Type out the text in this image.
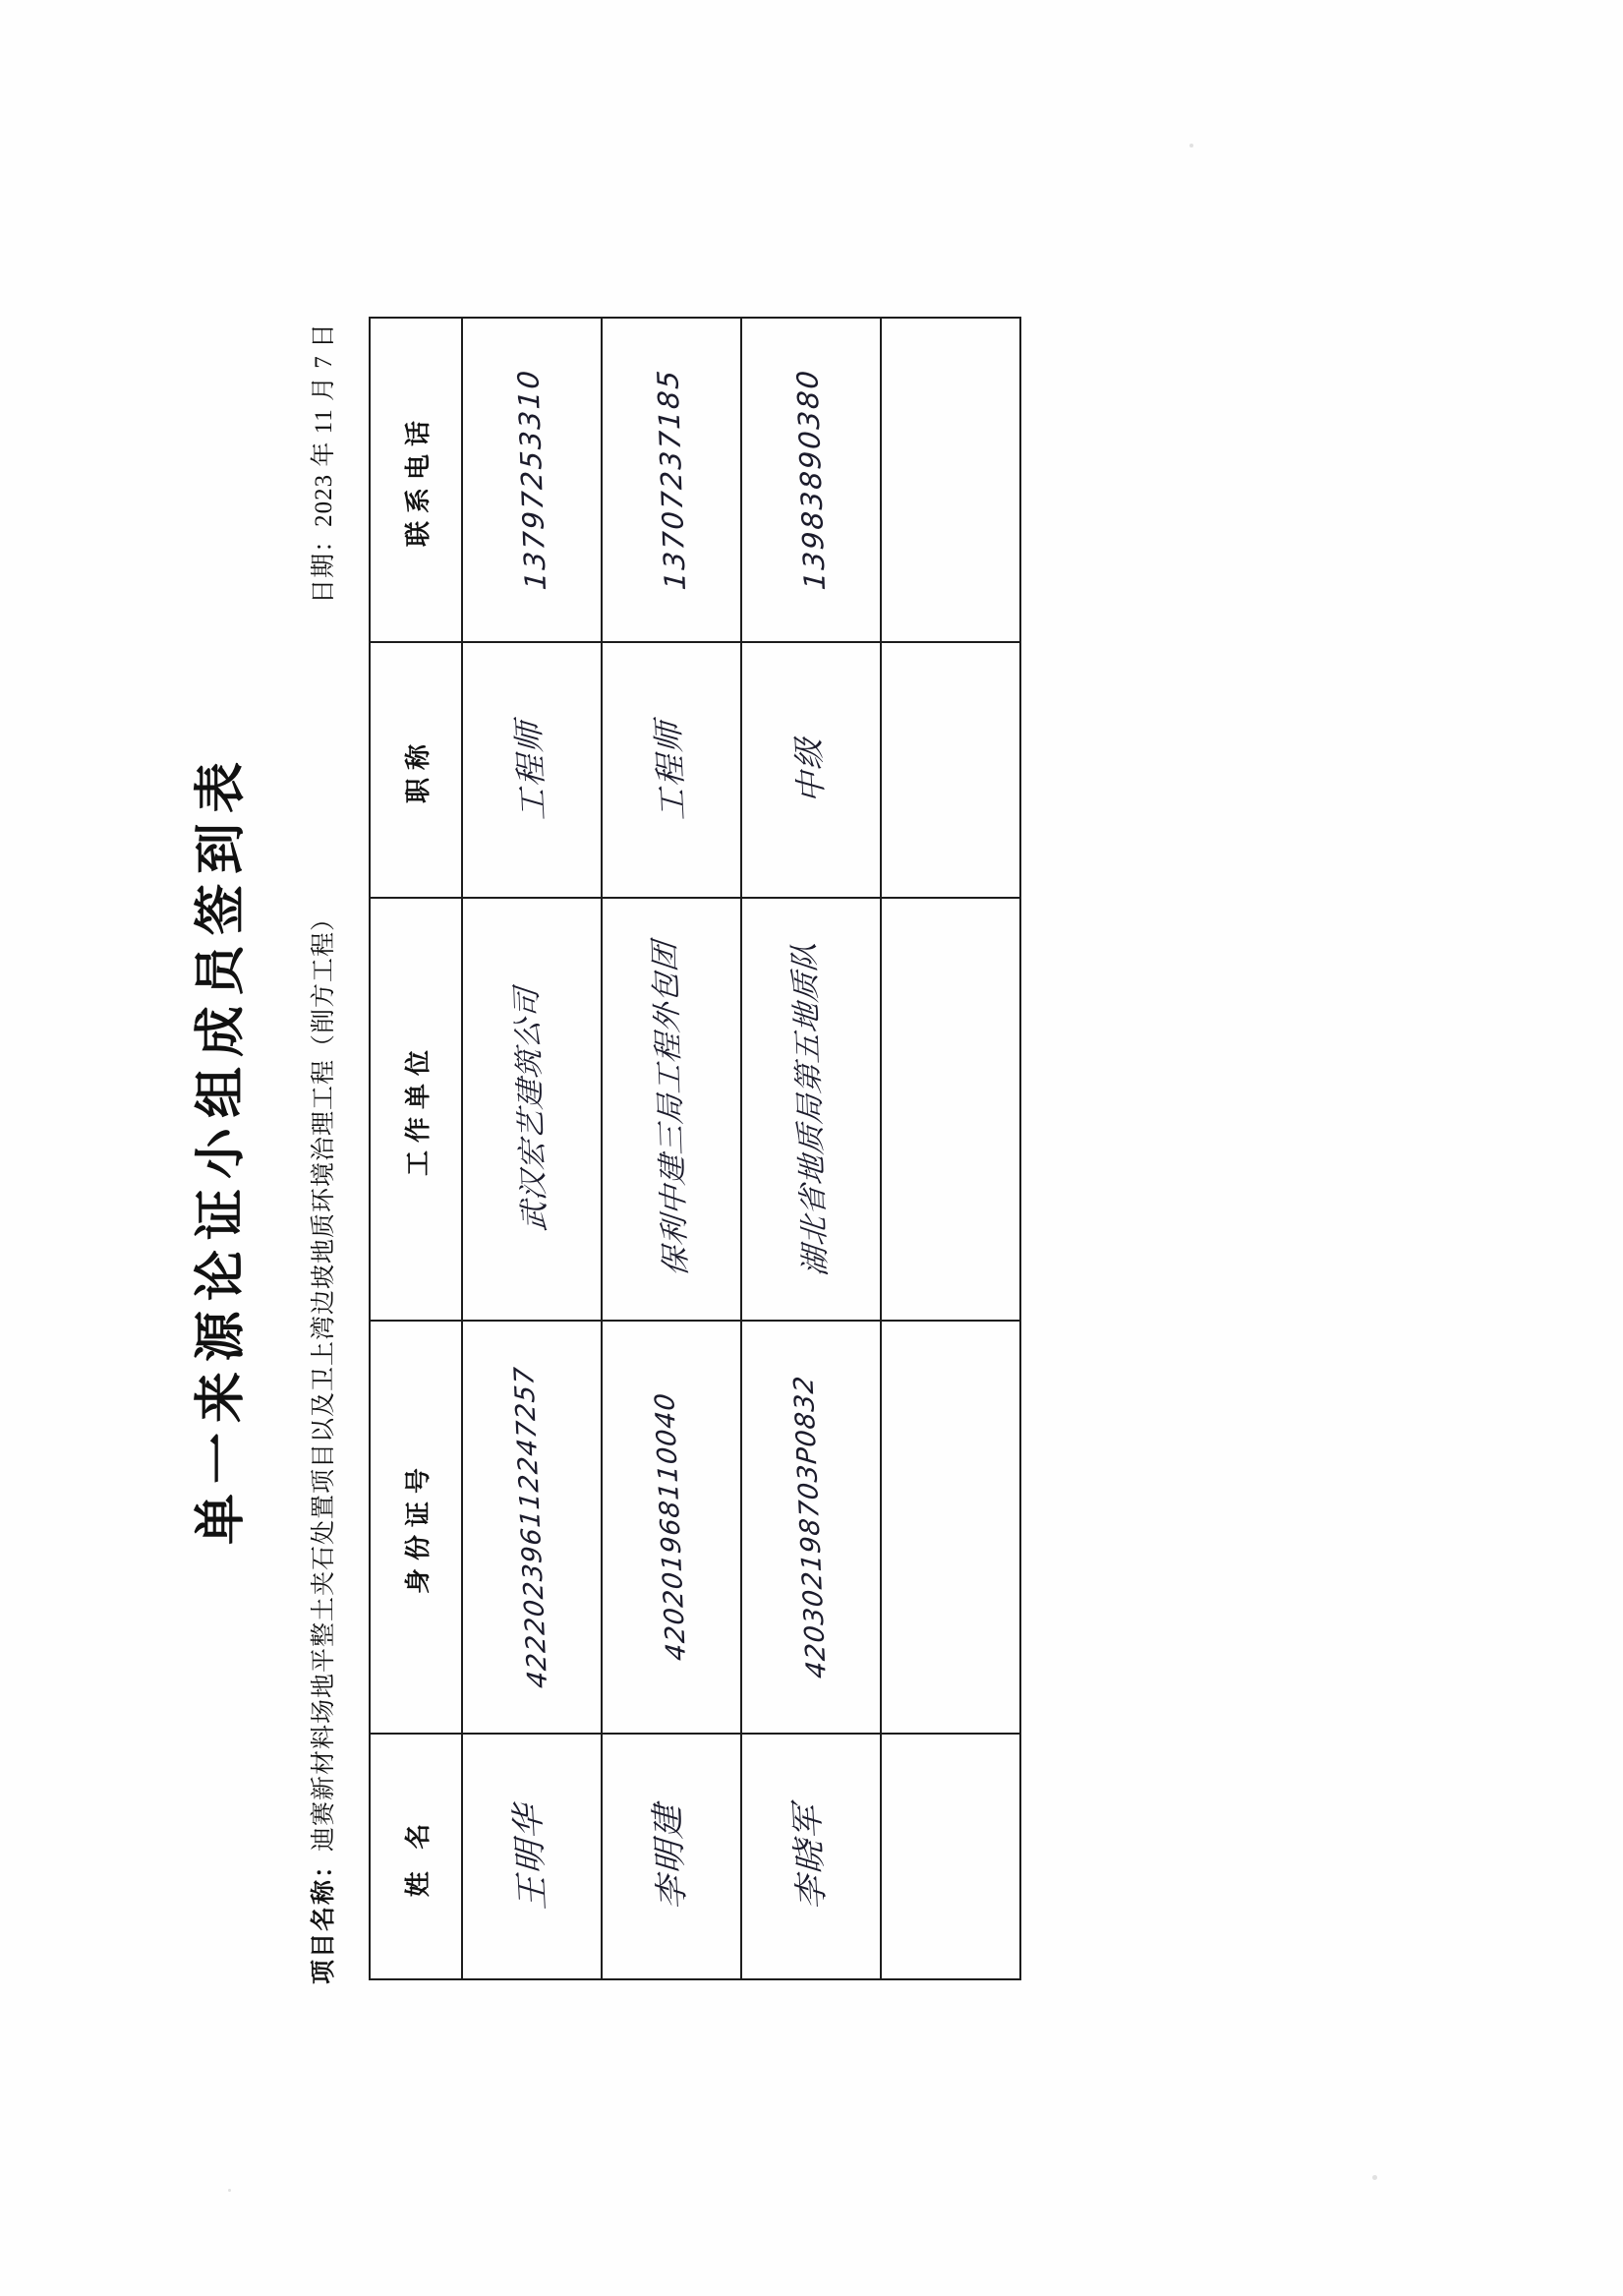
单一来源论证小组成员签到表
项目名称：迪赛新材料场地平整土夹石处置项目以及卫上湾边坡地质环境治理工程（削方工程）
日期：2023 年 11 月 7 日
姓 名	身份证号	工作单位	职称	联系电话

王明华	422202396112247257	武汉宏艺建筑公司	工程师	13797253310

李明建	420201968110040	保利中建三局工程外包团	工程师	13707237185

李晓军	420302198703P0832	湖北省地质局第五地质队	中级	13983890380
